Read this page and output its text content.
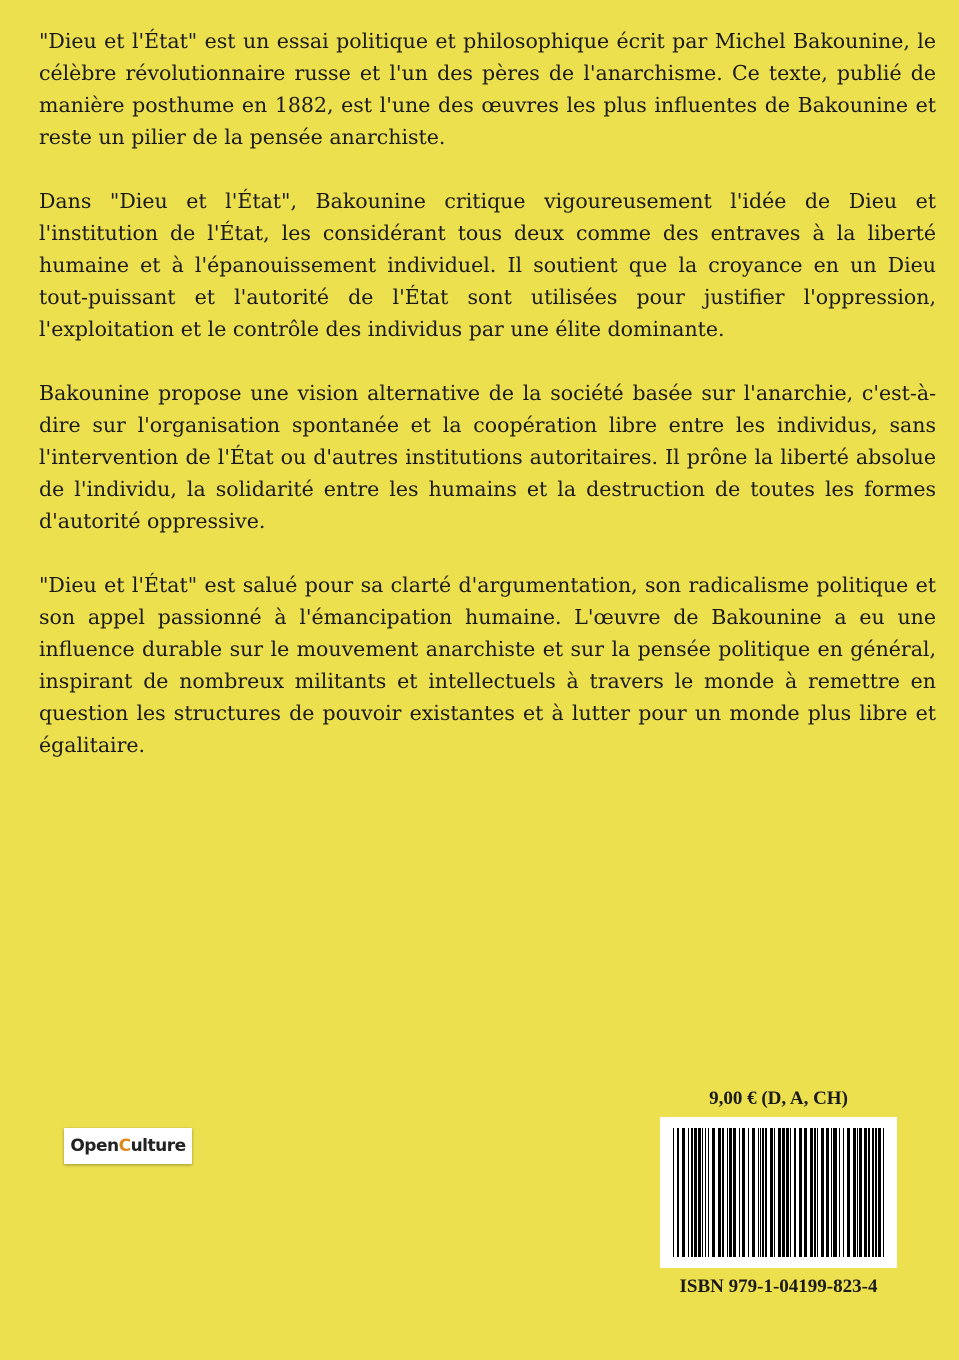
"Dieu et l'État" est un essai politique et philosophique écrit par Michel Bakounine, le célèbre révolutionnaire russe et l'un des pères de l'anarchisme. Ce texte, publié de manière posthume en 1882, est l'une des œuvres les plus influentes de Bakounine et reste un pilier de la pensée anarchiste.

Dans "Dieu et l'État", Bakounine critique vigoureusement l'idée de Dieu et l'institution de l'État, les considérant tous deux comme des entraves à la liberté humaine et à l'épanouissement individuel. Il soutient que la croyance en un Dieu tout-puissant et l'autorité de l'État sont utilisées pour justifier l'oppression, l'exploitation et le contrôle des individus par une élite dominante.

Bakounine propose une vision alternative de la société basée sur l'anarchie, c'est-à-dire sur l'organisation spontanée et la coopération libre entre les individus, sans l'intervention de l'État ou d'autres institutions autoritaires. Il prône la liberté absolue de l'individu, la solidarité entre les humains et la destruction de toutes les formes d'autorité oppressive.

"Dieu et l'État" est salué pour sa clarté d'argumentation, son radicalisme politique et son appel passionné à l'émancipation humaine. L'œuvre de Bakounine a eu une influence durable sur le mouvement anarchiste et sur la pensée politique en général, inspirant de nombreux militants et intellectuels à travers le monde à remettre en question les structures de pouvoir existantes et à lutter pour un monde plus libre et égalitaire.

Open C ulture
9,00 € (D, A, CH)
ISBN 979-1-04199-823-4
